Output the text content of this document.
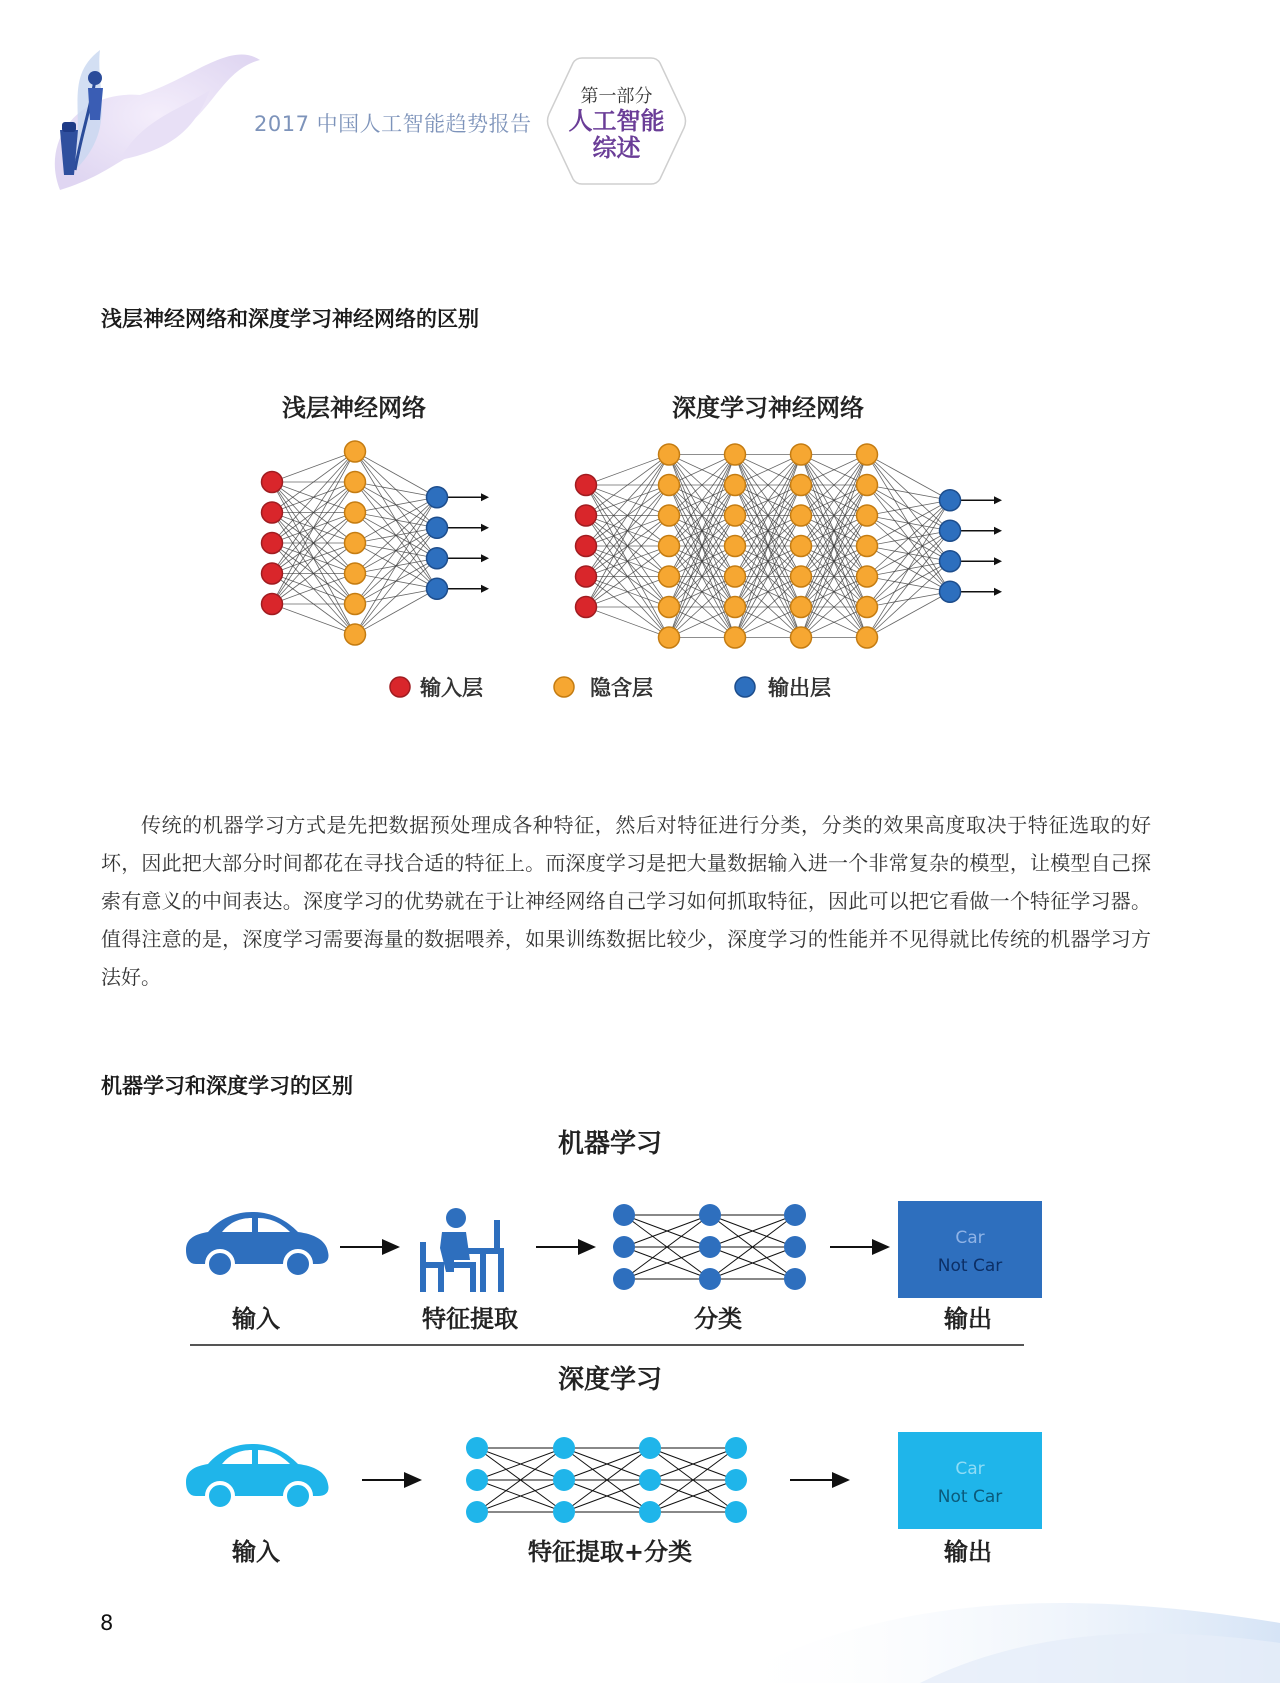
2017 中国人工智能趋势报告
第一部分
人工智能
综述
浅层神经网络和深度学习神经网络的区别
浅层神经网络	深度学习神经网络
输入层	隐含层	输出层
传统的机器学习方式是先把数据预处理成各种特征，然后对特征进行分类，分类的效果高度取决于特征选取的好坏，因此把大部分时间都花在寻找合适的特征上。而深度学习是把大量数据输入进一个非常复杂的模型，让模型自己探索有意义的中间表达。深度学习的优势就在于让神经网络自己学习如何抓取特征，因此可以把它看做一个特征学习器。值得注意的是，深度学习需要海量的数据喂养，如果训练数据比较少，深度学习的性能并不见得就比传统的机器学习方法好。
机器学习和深度学习的区别
机器学习
Car
Not Car
输入	特征提取	分类	输出
深度学习
Car
Not Car
输入	特征提取+分类	输出
8
